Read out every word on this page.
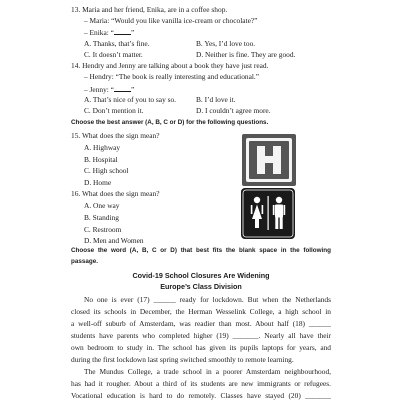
13. Maria and her friend, Enika, are in a coffee shop.
– Maria: “Would you like vanilla ice-cream or chocolate?”
– Enika: “ ”
A. Thanks, that’s fine.	B. Yes, I’d love too.
C. It doesn’t matter.	D. Neither is fine. They are good.
14. Hendry and Jenny are talking about a book they have just read.
– Hendry: “The book is really interesting and educational.”
– Jenny: “ ”
A. That’s nice of you to say so.	B. I’d love it.
C. Don’t mention it.	D. I couldn’t agree more.
Choose the best answer (A, B, C or D) for the following questions.
15. What does the sign mean?
A. Highway
B. Hospital
C. High school
D. Home
16. What does the sign mean?
A. One way
B. Standing
C. Restroom
D. Men and Women
Choose the word (A, B, C or D) that best fits the blank space in the following
passage.
Covid-19 School Closures Are Widening
Europe’s Class Division
No one is ever (17) ______ ready for lockdown. But when the Netherlands
closed its schools in December, the Herman Wesselink College, a high school in
a well-off suburb of Amsterdam, was readier than most. About half (18) ______
students have parents who completed higher (19) _______. Nearly all have their
own bedroom to study in. The school has given its pupils laptops for years, and
during the first lockdown last spring switched smoothly to remote learning.
The Mundus College, a trade school in a poorer Amsterdam neighbourhood,
has had it rougher. About a third of its students are new immigrants or refugees.
Vocational education is hard to do remotely. Classes have stayed (20) _______
